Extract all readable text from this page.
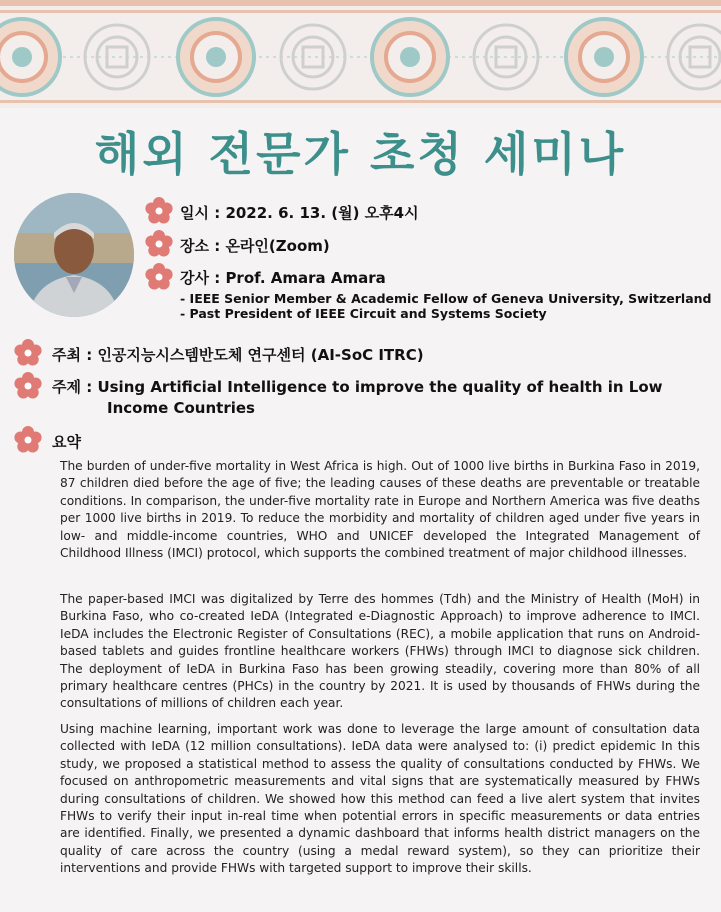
해외 전문가 초청 세미나
일시 : 2022. 6. 13. (월) 오후4시
장소 : 온라인(Zoom)
강사 : Prof. Amara Amara
- IEEE Senior Member & Academic Fellow of Geneva University, Switzerland
- Past President of IEEE Circuit and Systems Society
주최 : 인공지능시스템반도체 연구센터 (AI-SoC ITRC)
주제 : Using Artificial Intelligence to improve the quality of health in Low
Income Countries
요약

The burden of under-five mortality in West Africa is high. Out of 1000 live births in Burkina Faso in 2019, 87 children died before the age of five; the leading causes of these deaths are preventable or treatable conditions. In comparison, the under-five mortality rate in Europe and Northern America was five deaths per 1000 live births in 2019. To reduce the morbidity and mortality of children aged under five years in low- and middle-income countries, WHO and UNICEF developed the Integrated Management of Childhood Illness (IMCI) protocol, which supports the combined treatment of major childhood illnesses.

The paper-based IMCI was digitalized by Terre des hommes (Tdh) and the Ministry of Health (MoH) in Burkina Faso, who co-created IeDA (Integrated e-Diagnostic Approach) to improve adherence to IMCI. IeDA includes the Electronic Register of Consultations (REC), a mobile application that runs on Android-based tablets and guides frontline healthcare workers (FHWs) through IMCI to diagnose sick children. The deployment of IeDA in Burkina Faso has been growing steadily, covering more than 80% of all primary healthcare centres (PHCs) in the country by 2021. It is used by thousands of FHWs during the consultations of millions of children each year.

Using machine learning, important work was done to leverage the large amount of consultation data collected with IeDA (12 million consultations). IeDA data were analysed to: (i) predict epidemic In this study, we proposed a statistical method to assess the quality of consultations conducted by FHWs. We focused on anthropometric measurements and vital signs that are systematically measured by FHWs during consultations of children. We showed how this method can feed a live alert system that invites FHWs to verify their input in-real time when potential errors in specific measurements or data entries are identified. Finally, we presented a dynamic dashboard that informs health district managers on the quality of care across the country (using a medal reward system), so they can prioritize their interventions and provide FHWs with targeted support to improve their skills.
